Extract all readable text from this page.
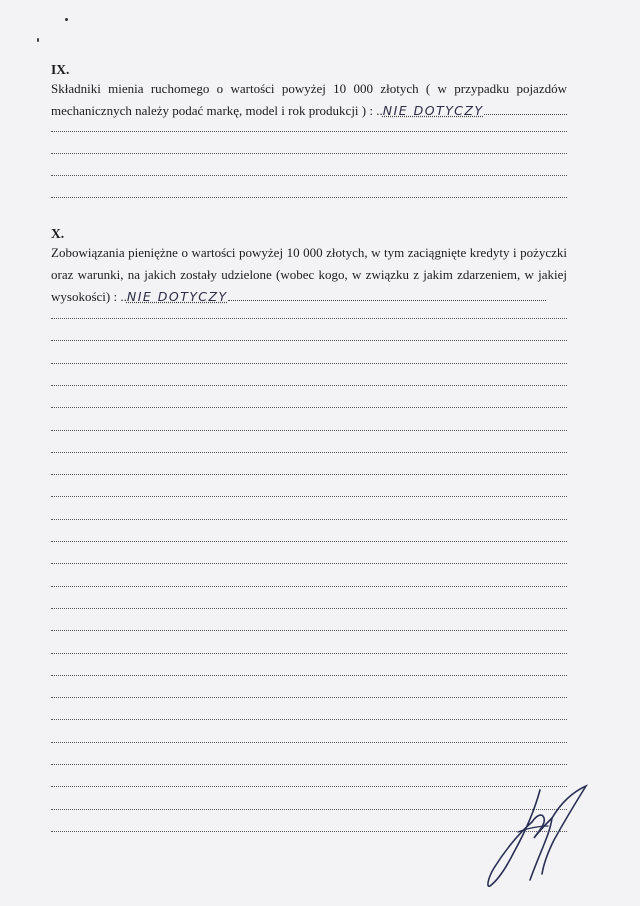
IX.
Składniki mienia ruchomego o wartości powyżej 10 000 złotych ( w przypadku pojazdów
mechanicznych należy podać markę, model i rok produkcji ) : ..NIE DOTYCZY
X.
Zobowiązania pieniężne o wartości powyżej 10 000 złotych, w tym zaciągnięte kredyty i pożyczki
oraz warunki, na jakich zostały udzielone (wobec kogo, w związku z jakim zdarzeniem, w jakiej
wysokości) : ..NIE DOTYCZY
